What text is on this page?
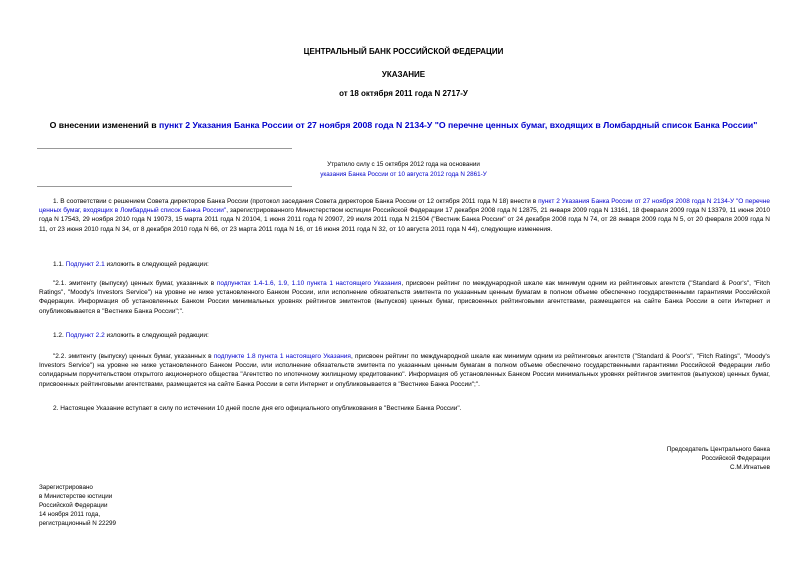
ЦЕНТРАЛЬНЫЙ БАНК РОССИЙСКОЙ ФЕДЕРАЦИИ
УКАЗАНИЕ
от 18 октября 2011 года N 2717-У
О внесении изменений в пункт 2 Указания Банка России от 27 ноября 2008 года N 2134-У "О перечне ценных бумаг, входящих в Ломбардный список Банка России"
Утратило силу с 15 октября 2012 года на основании
указания Банка России от 10 августа 2012 года N 2861-У
1. В соответствии с решением Совета директоров Банка России (протокол заседания Совета директоров Банка России от 12 октября 2011 года N 18) внести в пункт 2 Указания Банка России от 27 ноября 2008 года N 2134-У "О перечне ценных бумаг, входящих в Ломбардный список Банка России", зарегистрированного Министерством юстиции Российской Федерации 17 декабря 2008 года N 12875, 21 января 2009 года N 13161, 18 февраля 2009 года N 13379, 11 июня 2010 года N 17543, 29 ноября 2010 года N 19073, 15 марта 2011 года N 20104, 1 июня 2011 года N 20907, 29 июля 2011 года N 21504 ("Вестник Банка России" от 24 декабря 2008 года N 74, от 28 января 2009 года N 5, от 20 февраля 2009 года N 11, от 23 июня 2010 года N 34, от 8 декабря 2010 года N 66, от 23 марта 2011 года N 16, от 16 июня 2011 года N 32, от 10 августа 2011 года N 44), следующие изменения.
1.1. Подпункт 2.1 изложить в следующей редакции:
"2.1. эмитенту (выпуску) ценных бумаг, указанных в подпунктах 1.4-1.6, 1.9, 1.10 пункта 1 настоящего Указания, присвоен рейтинг по международной шкале как минимум одним из рейтинговых агентств ("Standard & Poor's", "Fitch Ratings", "Moody's Investors Service") на уровне не ниже установленного Банком России, или исполнение обязательств эмитента по указанным ценным бумагам в полном объеме обеспечено государственными гарантиями Российской Федерации. Информация об установленных Банком России минимальных уровнях рейтингов эмитентов (выпусков) ценных бумаг, присвоенных рейтинговыми агентствами, размещается на сайте Банка России в сети Интернет и опубликовывается в "Вестнике Банка России";".
1.2. Подпункт 2.2 изложить в следующей редакции:
"2.2. эмитенту (выпуску) ценных бумаг, указанных в подпункте 1.8 пункта 1 настоящего Указания, присвоен рейтинг по международной шкале как минимум одним из рейтинговых агентств ("Standard & Poor's", "Fitch Ratings", "Moody's Investors Service") на уровне не ниже установленного Банком России, или исполнение обязательств эмитента по указанным ценным бумагам в полном объеме обеспечено государственными гарантиями Российской Федерации либо солидарным поручительством открытого акционерного общества "Агентство по ипотечному жилищному кредитованию". Информация об установленных Банком России минимальных уровнях рейтингов эмитентов (выпусков) ценных бумаг, присвоенных рейтинговыми агентствами, размещается на сайте Банка России в сети Интернет и опубликовывается в "Вестнике Банка России";".
2. Настоящее Указание вступает в силу по истечении 10 дней после дня его официального опубликования в "Вестнике Банка России".
Председатель Центрального банка
Российской Федерации
С.М.Игнатьев
Зарегистрировано
в Министерстве юстиции
Российской Федерации
14 ноября 2011 года,
регистрационный N 22299
